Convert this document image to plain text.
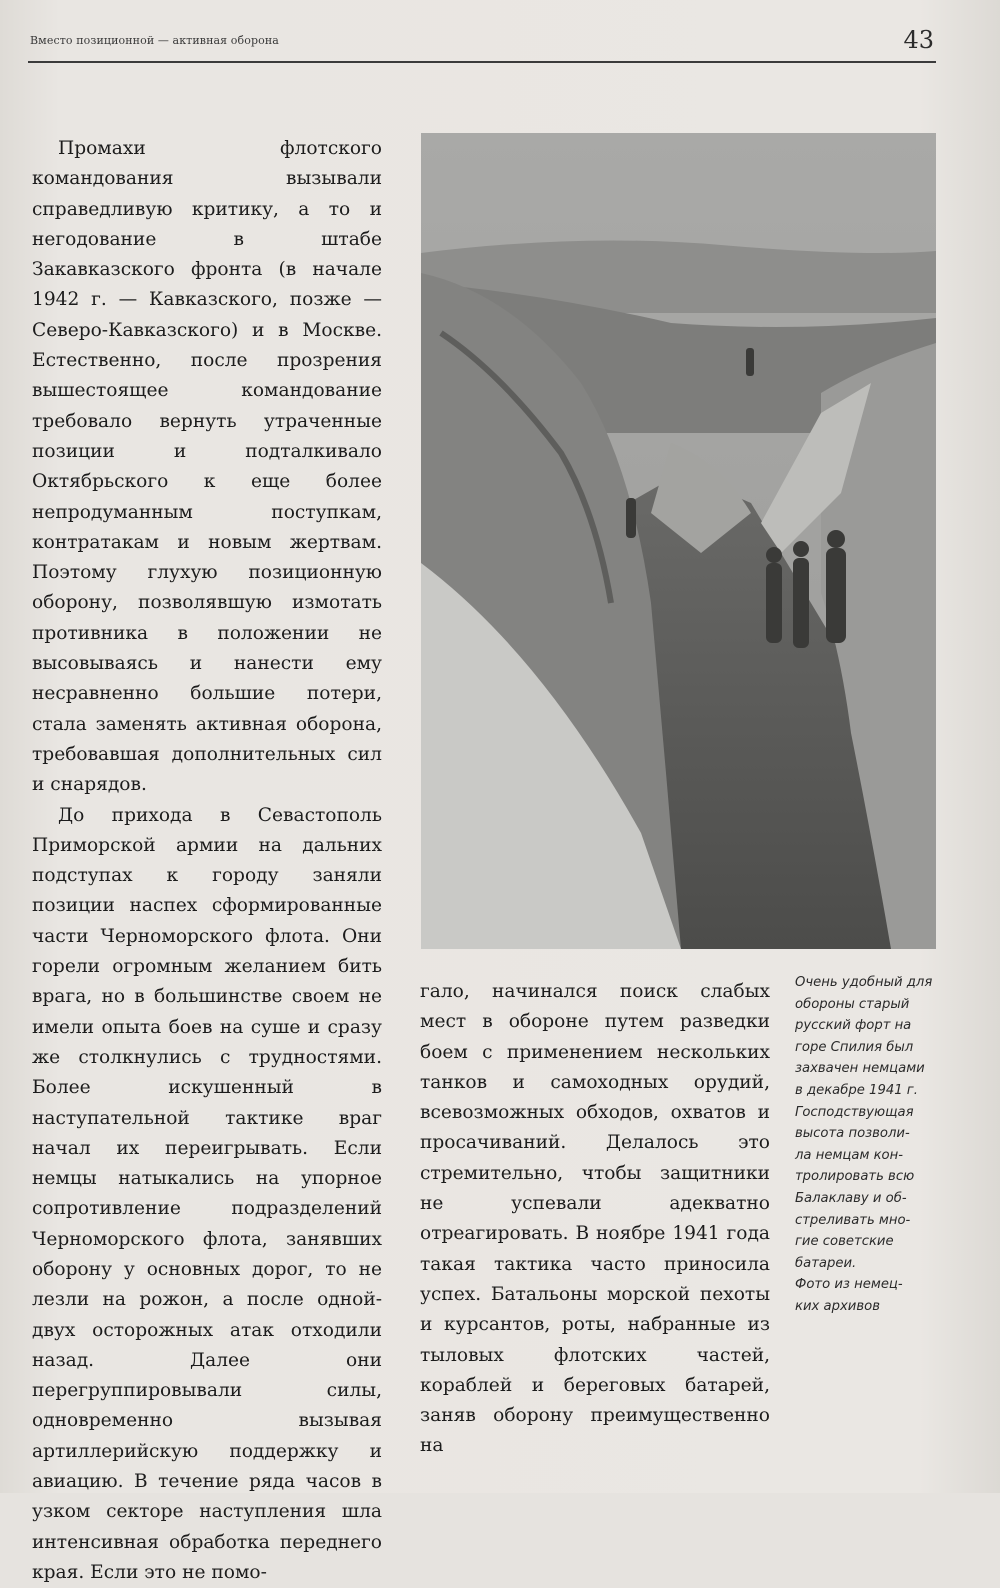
Вместо позиционной — активная оборона	43

Промахи флотского командования вызывали справедливую критику, а то и негодование в штабе Закавказского фронта (в начале 1942 г. — Кавказского, позже — Северо-Кавказского) и в Москве. Естественно, после прозрения вышестоящее командование требовало вернуть утраченные позиции и подталкивало Октябрьского к еще более непродуманным поступкам, контратакам и новым жертвам. Поэтому глухую позиционную оборону, позволявшую измотать противника в положении не высовываясь и нанести ему несравненно большие потери, стала заменять активная оборона, требовавшая дополнительных сил и снарядов.

До прихода в Севастополь Приморской армии на дальних подступах к городу заняли позиции наспех сформированные части Черноморского флота. Они горели огромным желанием бить врага, но в большинстве своем не имели опыта боев на суше и сразу же столкнулись с трудностями. Более искушенный в наступательной тактике враг начал их переигрывать. Если немцы натыкались на упорное сопротивление подразделений Черноморского флота, занявших оборону у основных дорог, то не лезли на рожон, а после одной-двух осторожных атак отходили назад. Далее они перегруппировывали силы, одновременно вызывая артиллерийскую поддержку и авиацию. В течение ряда часов в узком секторе наступления шла интенсивная обработка переднего края. Если это не помо-

гало, начинался поиск слабых мест в обороне путем разведки боем с применением нескольких танков и самоходных орудий, всевозможных обходов, охватов и просачиваний. Делалось это стремительно, чтобы защитники не успевали адекватно отреагировать. В ноябре 1941 года такая тактика часто приносила успех. Батальоны морской пехоты и курсантов, роты, набранные из тыловых флотских частей, кораблей и береговых батарей, заняв оборону преимущественно на

Очень удобный для
обороны старый
русский форт на
горе Спилия был
захвачен немцами
в декабре 1941 г.
Господствующая
высота позволи-
ла немцам кон-
тролировать всю
Балаклаву и об-
стреливать мно-
гие советские
батареи.
Фото из немец-
ких архивов
